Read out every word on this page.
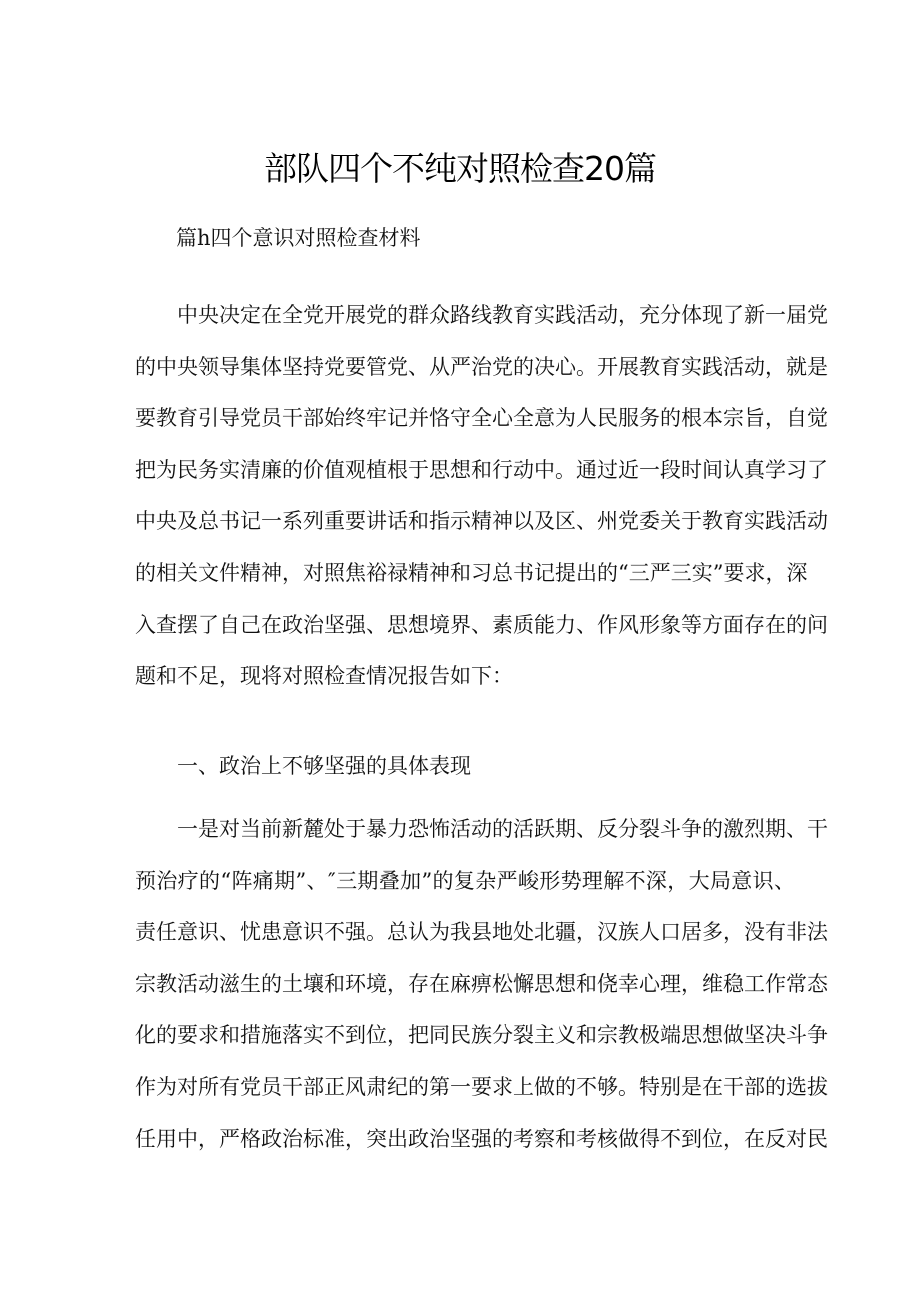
部队四个不纯对照检查20篇

篇h四个意识对照检查材料

中央决定在全党开展党的群众路线教育实践活动，充分体现了新一届党
的中央领导集体坚持党要管党、从严治党的决心。开展教育实践活动，就是
要教育引导党员干部始终牢记并恪守全心全意为人民服务的根本宗旨，自觉
把为民务实清廉的价值观植根于思想和行动中。通过近一段时间认真学习了
中央及总书记一系列重要讲话和指示精神以及区、州党委关于教育实践活动
的相关文件精神，对照焦裕禄精神和习总书记提出的“三严三实”要求，深
入查摆了自己在政治坚强、思想境界、素质能力、作风形象等方面存在的问
题和不足，现将对照检查情况报告如下：

一、政治上不够坚强的具体表现

一是对当前新麓处于暴力恐怖活动的活跃期、反分裂斗争的激烈期、干
预治疗的“阵痛期”、″三期叠加”的复杂严峻形势理解不深，大局意识、
责任意识、忧患意识不强。总认为我县地处北疆，汉族人口居多，没有非法
宗教活动滋生的土壤和环境，存在麻痹松懈思想和侥幸心理，维稳工作常态
化的要求和措施落实不到位，把同民族分裂主义和宗教极端思想做坚决斗争
作为对所有党员干部正风肃纪的第一要求上做的不够。特别是在干部的选拔
任用中，严格政治标准，突出政治坚强的考察和考核做得不到位，在反对民
